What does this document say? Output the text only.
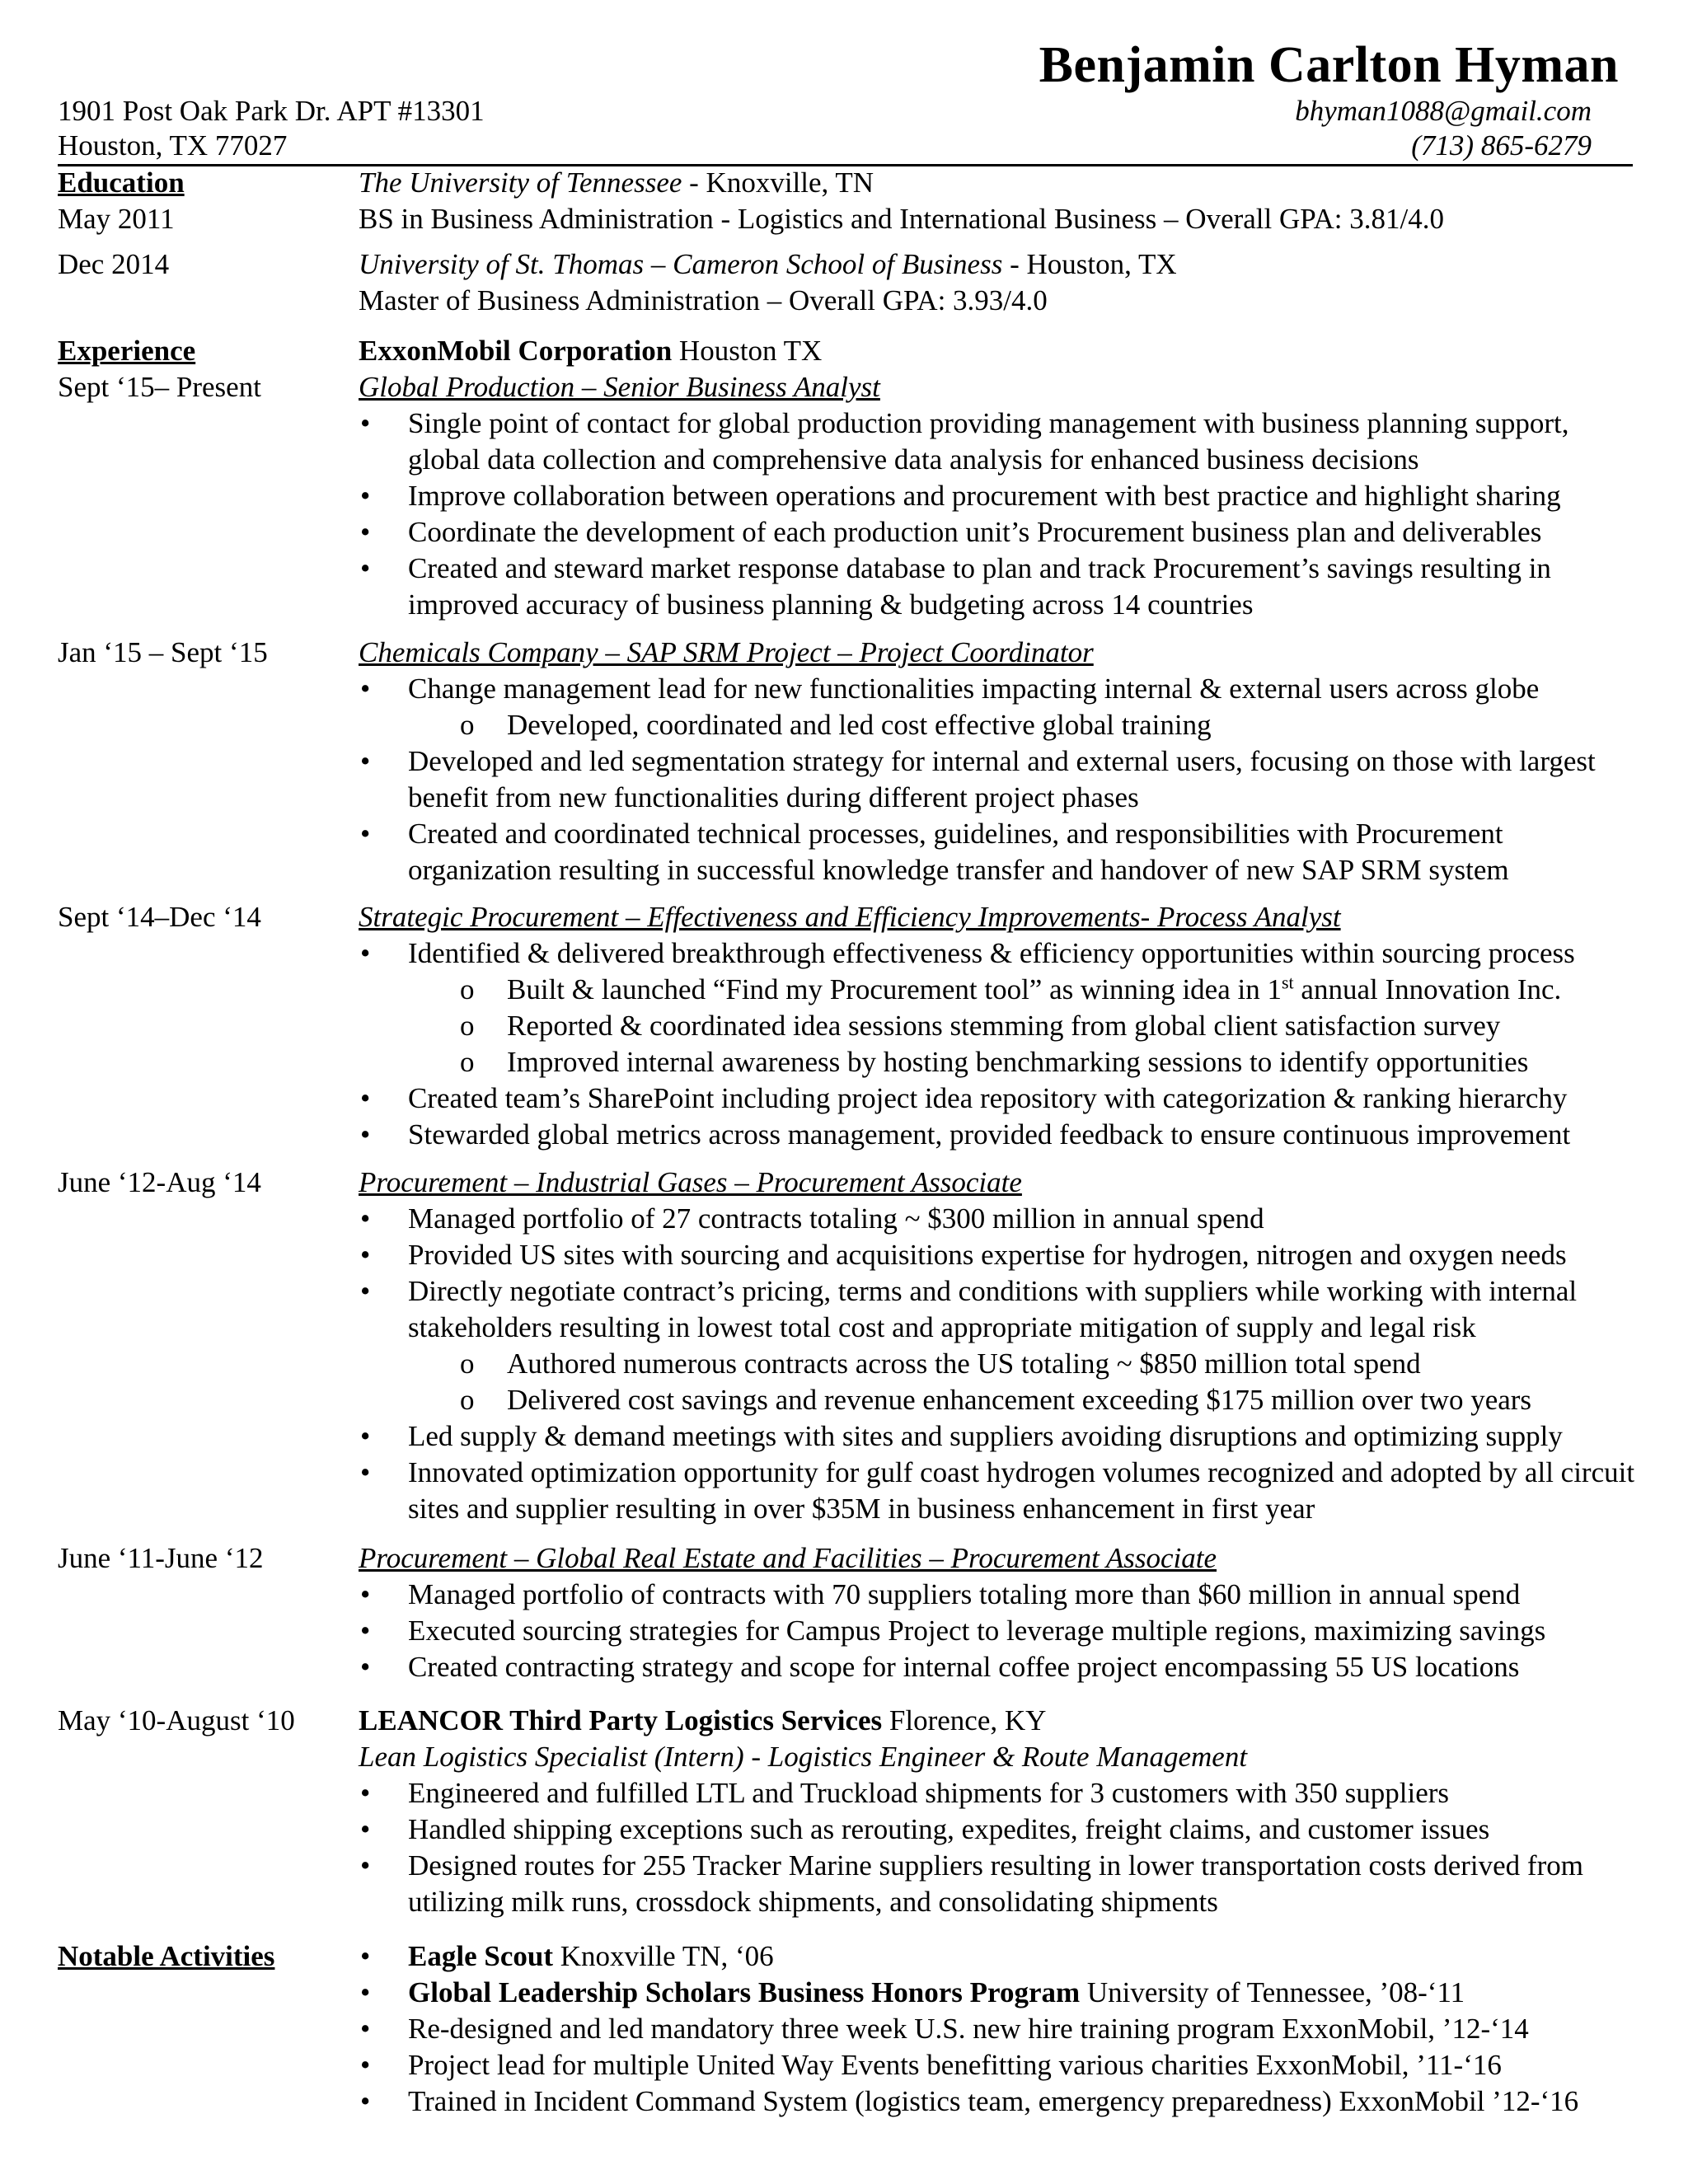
Benjamin Carlton Hyman
1901 Post Oak Park Dr. APT #13301
Houston, TX 77027
bhyman1088@gmail.com
(713) 865-6279
Education
May 2011
The University of Tennessee - Knoxville, TN
BS in Business Administration - Logistics and International Business – Overall GPA: 3.81/4.0
Dec 2014	University of St. Thomas – Cameron School of Business - Houston, TX
Master of Business Administration – Overall GPA: 3.93/4.0
Experience
Sept ‘15– Present
ExxonMobil Corporation Houston TX
Global Production – Senior Business Analyst
• Single point of contact for global production providing management with business planning support, global data collection and comprehensive data analysis for enhanced business decisions
• Improve collaboration between operations and procurement with best practice and highlight sharing
• Coordinate the development of each production unit’s Procurement business plan and deliverables
• Created and steward market response database to plan and track Procurement’s savings resulting in improved accuracy of business planning & budgeting across 14 countries
Jan ‘15 – Sept ‘15	Chemicals Company – SAP SRM Project – Project Coordinator
• Change management lead for new functionalities impacting internal & external users across globe
o Developed, coordinated and led cost effective global training
• Developed and led segmentation strategy for internal and external users, focusing on those with largest benefit from new functionalities during different project phases
• Created and coordinated technical processes, guidelines, and responsibilities with Procurement organization resulting in successful knowledge transfer and handover of new SAP SRM system
Sept ‘14–Dec ‘14	Strategic Procurement – Effectiveness and Efficiency Improvements- Process Analyst
• Identified & delivered breakthrough effectiveness & efficiency opportunities within sourcing process
o Built & launched “Find my Procurement tool” as winning idea in 1st annual Innovation Inc.
o Reported & coordinated idea sessions stemming from global client satisfaction survey
o Improved internal awareness by hosting benchmarking sessions to identify opportunities
• Created team’s SharePoint including project idea repository with categorization & ranking hierarchy
• Stewarded global metrics across management, provided feedback to ensure continuous improvement
June ‘12-Aug ‘14	Procurement – Industrial Gases – Procurement Associate
• Managed portfolio of 27 contracts totaling ~ $300 million in annual spend
• Provided US sites with sourcing and acquisitions expertise for hydrogen, nitrogen and oxygen needs
• Directly negotiate contract’s pricing, terms and conditions with suppliers while working with internal stakeholders resulting in lowest total cost and appropriate mitigation of supply and legal risk
o Authored numerous contracts across the US totaling ~ $850 million total spend
o Delivered cost savings and revenue enhancement exceeding $175 million over two years
• Led supply & demand meetings with sites and suppliers avoiding disruptions and optimizing supply
• Innovated optimization opportunity for gulf coast hydrogen volumes recognized and adopted by all circuit sites and supplier resulting in over $35M in business enhancement in first year
June ‘11-June ‘12	Procurement – Global Real Estate and Facilities – Procurement Associate
• Managed portfolio of contracts with 70 suppliers totaling more than $60 million in annual spend
• Executed sourcing strategies for Campus Project to leverage multiple regions, maximizing savings
• Created contracting strategy and scope for internal coffee project encompassing 55 US locations
May ‘10-August ‘10	LEANCOR Third Party Logistics Services Florence, KY
Lean Logistics Specialist (Intern) - Logistics Engineer & Route Management
• Engineered and fulfilled LTL and Truckload shipments for 3 customers with 350 suppliers
• Handled shipping exceptions such as rerouting, expedites, freight claims, and customer issues
• Designed routes for 255 Tracker Marine suppliers resulting in lower transportation costs derived from utilizing milk runs, crossdock shipments, and consolidating shipments
Notable Activities
•	Eagle Scout Knoxville TN, ‘06
• Global Leadership Scholars Business Honors Program University of Tennessee, ’08-‘11
• Re-designed and led mandatory three week U.S. new hire training program ExxonMobil, ’12-‘14
• Project lead for multiple United Way Events benefitting various charities ExxonMobil, ’11-‘16
• Trained in Incident Command System (logistics team, emergency preparedness) ExxonMobil ’12-‘16
